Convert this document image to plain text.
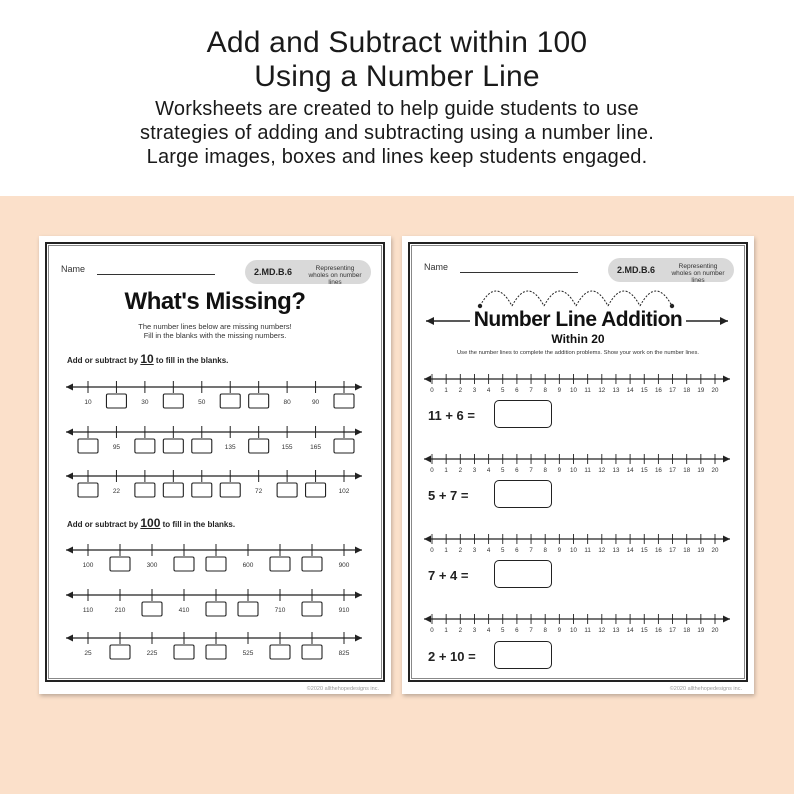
Add and Subtract within 100
Using a Number Line
Worksheets are created to help guide students to use
strategies of adding and subtracting using a number line.
Large images, boxes and lines keep students engaged.
Name	2.MD.B.6	Representing wholes on number lines
What's Missing?
The number lines below are missing numbers!
Fill in the blanks with the missing numbers.
Add or subtract by 10 to fill in the blanks.
Add or subtract by 100 to fill in the blanks.
10	30	50	80	90
95	135	155	165
22	72	102
100	300	600	900
110	210	410	710	910
25	225	525	825
©2020 allthehopedesigns inc.
Name	2.MD.B.6	Representing wholes on number lines
Number Line Addition
Within 20
Use the number lines to complete the addition problems. Show your work on the number lines.
0 1 2 3 4 5 6 7 8 9 10 11 12 13 14 15 16 17 18 19 20
0 1 2 3 4 5 6 7 8 9 10 11 12 13 14 15 16 17 18 19 20
0 1 2 3 4 5 6 7 8 9 10 11 12 13 14 15 16 17 18 19 20
0 1 2 3 4 5 6 7 8 9 10 11 12 13 14 15 16 17 18 19 20
11 + 6 =
5 + 7 =
7 + 4 =
2 + 10 =
©2020 allthehopedesigns inc.
